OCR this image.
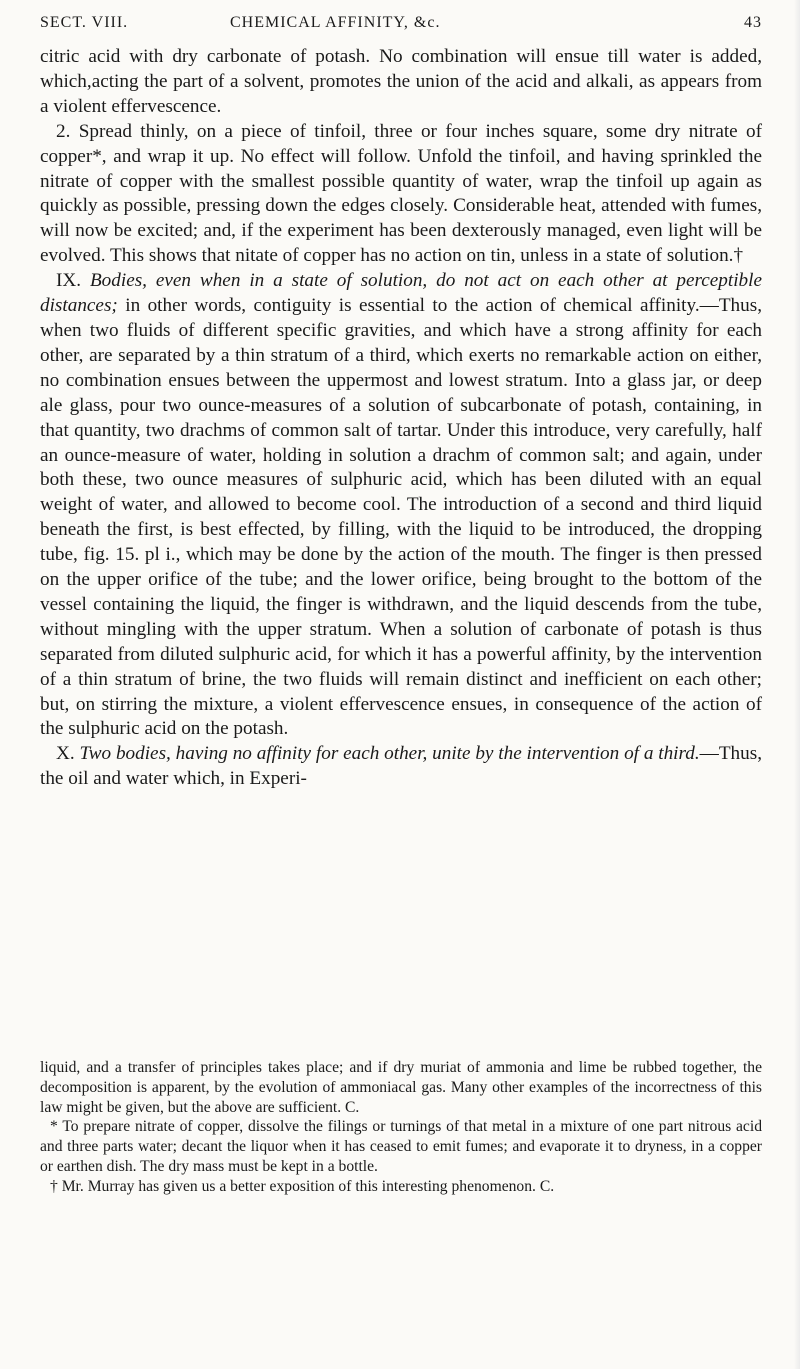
SECT. VIII.	CHEMICAL AFFINITY, &c.	43

citric acid with dry carbonate of potash. No combination will ensue till water is added, which,acting the part of a solvent, promotes the union of the acid and alkali, as appears from a violent effervescence.

2. Spread thinly, on a piece of tinfoil, three or four inches square, some dry nitrate of copper*, and wrap it up. No effect will follow. Unfold the tinfoil, and having sprinkled the nitrate of copper with the smallest possible quantity of water, wrap the tinfoil up again as quickly as possible, pressing down the edges closely. Considerable heat, attended with fumes, will now be excited; and, if the experiment has been dexterously managed, even light will be evolved. This shows that nitate of copper has no action on tin, unless in a state of solution.†

IX. Bodies, even when in a state of solution, do not act on each other at perceptible distances; in other words, contiguity is essential to the action of chemical affinity.—Thus, when two fluids of different specific gravities, and which have a strong affinity for each other, are separated by a thin stratum of a third, which exerts no remarkable action on either, no combination ensues between the uppermost and lowest stratum. Into a glass jar, or deep ale glass, pour two ounce-measures of a solution of subcarbonate of potash, containing, in that quantity, two drachms of common salt of tartar. Under this introduce, very carefully, half an ounce-measure of water, holding in solution a drachm of common salt; and again, under both these, two ounce measures of sulphuric acid, which has been diluted with an equal weight of water, and allowed to become cool. The introduction of a second and third liquid beneath the first, is best effected, by filling, with the liquid to be introduced, the dropping tube, fig. 15. pl i., which may be done by the action of the mouth. The finger is then pressed on the upper orifice of the tube; and the lower orifice, being brought to the bottom of the vessel containing the liquid, the finger is withdrawn, and the liquid descends from the tube, without mingling with the upper stratum. When a solution of carbonate of potash is thus separated from diluted sulphuric acid, for which it has a powerful affinity, by the intervention of a thin stratum of brine, the two fluids will remain distinct and inefficient on each other; but, on stirring the mixture, a violent effervescence ensues, in consequence of the action of the sulphuric acid on the potash.

X. Two bodies, having no affinity for each other, unite by the intervention of a third.—Thus, the oil and water which, in Experi-

liquid, and a transfer of principles takes place; and if dry muriat of ammonia and lime be rubbed together, the decomposition is apparent, by the evolution of ammoniacal gas. Many other examples of the incorrectness of this law might be given, but the above are sufficient. C.

* To prepare nitrate of copper, dissolve the filings or turnings of that metal in a mixture of one part nitrous acid and three parts water; decant the liquor when it has ceased to emit fumes; and evaporate it to dryness, in a copper or earthen dish. The dry mass must be kept in a bottle.

† Mr. Murray has given us a better exposition of this interesting phenomenon. C.
